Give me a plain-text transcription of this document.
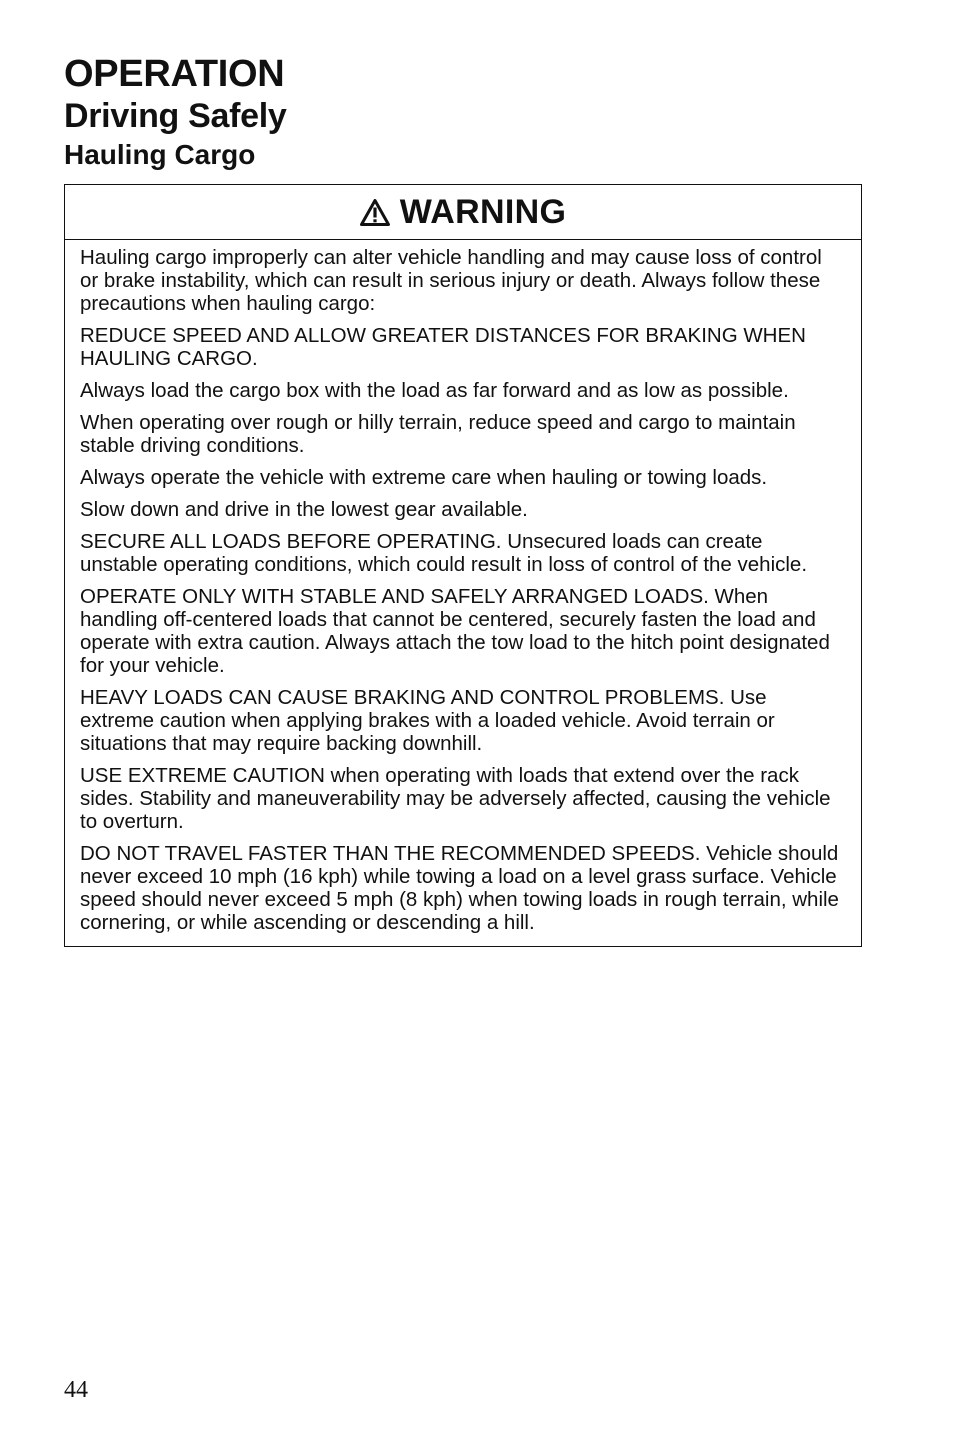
OPERATION
Driving Safely
Hauling Cargo
WARNING

Hauling cargo improperly can alter vehicle handling and may cause loss of control or brake instability, which can result in serious injury or death. Always follow these precautions when hauling cargo:

REDUCE SPEED AND ALLOW GREATER DISTANCES FOR BRAKING WHEN HAULING CARGO.

Always load the cargo box with the load as far forward and as low as possible.

When operating over rough or hilly terrain, reduce speed and cargo to maintain stable driving conditions.

Always operate the vehicle with extreme care when hauling or towing loads.

Slow down and drive in the lowest gear available.

SECURE ALL LOADS BEFORE OPERATING. Unsecured loads can create unstable operating conditions, which could result in loss of control of the vehicle.

OPERATE ONLY WITH STABLE AND SAFELY ARRANGED LOADS. When handling off-centered loads that cannot be centered, securely fasten the load and operate with extra caution. Always attach the tow load to the hitch point designated for your vehicle.

HEAVY LOADS CAN CAUSE BRAKING AND CONTROL PROBLEMS. Use extreme caution when applying brakes with a loaded vehicle. Avoid terrain or situations that may require backing downhill.

USE EXTREME CAUTION when operating with loads that extend over the rack sides. Stability and maneuverability may be adversely affected, causing the vehicle to overturn.

DO NOT TRAVEL FASTER THAN THE RECOMMENDED SPEEDS. Vehicle should never exceed 10 mph (16 kph) while towing a load on a level grass surface. Vehicle speed should never exceed 5 mph (8 kph) when towing loads in rough terrain, while cornering, or while ascending or descending a hill.

44
